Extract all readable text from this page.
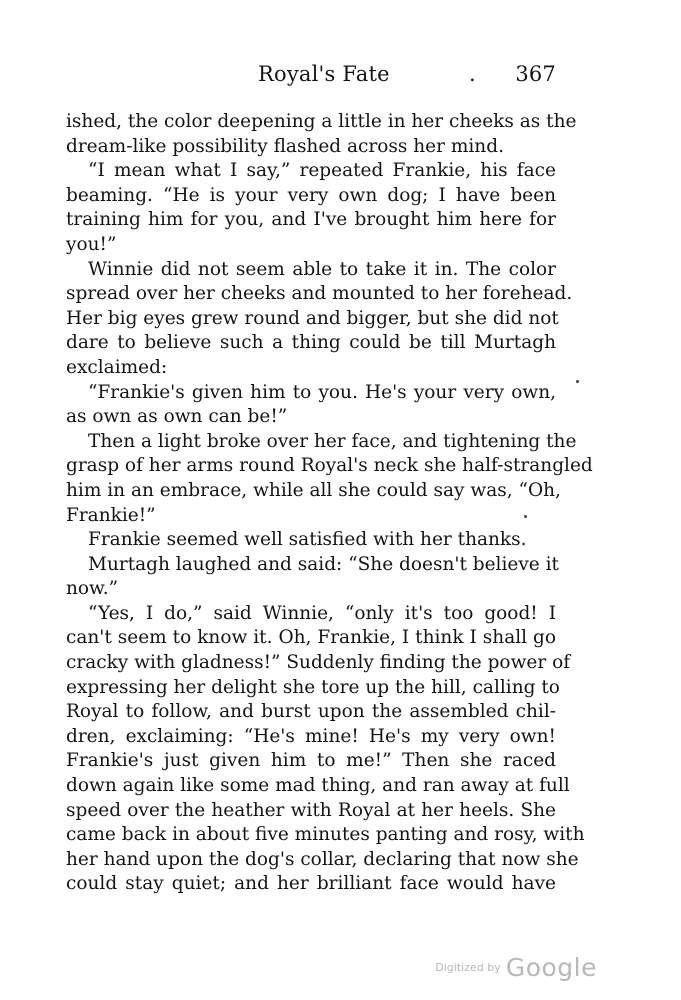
Royal's Fate	. 367
ished, the color deepening a little in her cheeks as the
dream-like possibility flashed across her mind.
“I mean what I say,” repeated Frankie, his face
beaming. “He is your very own dog; I have been
training him for you, and I've brought him here for
you!”
Winnie did not seem able to take it in. The color
spread over her cheeks and mounted to her forehead.
Her big eyes grew round and bigger, but she did not
dare to believe such a thing could be till Murtagh
exclaimed:
“Frankie's given him to you. He's your very own,
as own as own can be!”
Then a light broke over her face, and tightening the
grasp of her arms round Royal's neck she half-strangled
him in an embrace, while all she could say was, “Oh,
Frankie!”
Frankie seemed well satisfied with her thanks.
Murtagh laughed and said: “She doesn't believe it
now.”
“Yes, I do,” said Winnie, “only it's too good! I
can't seem to know it. Oh, Frankie, I think I shall go
cracky with gladness!” Suddenly finding the power of
expressing her delight she tore up the hill, calling to
Royal to follow, and burst upon the assembled chil-
dren, exclaiming: “He's mine! He's my very own!
Frankie's just given him to me!” Then she raced
down again like some mad thing, and ran away at full
speed over the heather with Royal at her heels. She
came back in about five minutes panting and rosy, with
her hand upon the dog's collar, declaring that now she
could stay quiet; and her brilliant face would have
Digitized by Google
